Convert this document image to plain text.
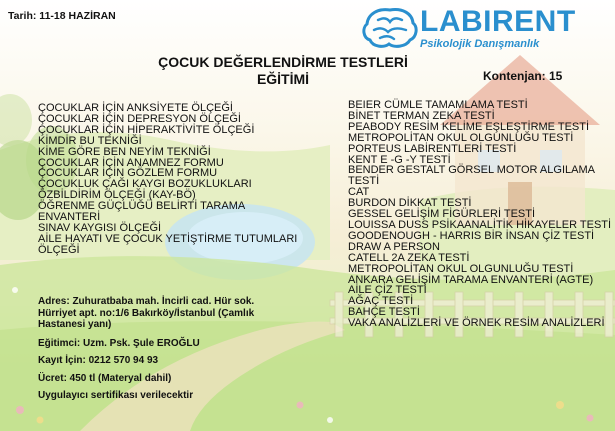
Tarih: 11-18 HAZİRAN	LABIRENT
Psikolojik Danışmanlık
ÇOCUK DEĞERLENDİRME TESTLERİ
EĞİTİMİ	Kontenjan: 15
ÇOCUKLAR İÇİN ANKSİYETE ÖLÇEĞİ
ÇOCUKLAR İÇİN DEPRESYON ÖLÇEĞİ
ÇOCUKLAR İÇİN HİPERAKTİVİTE ÖLÇEĞİ
KİMDİR BU TEKNİĞİ
KİME GÖRE BEN NEYİM TEKNİĞİ
ÇOCUKLAR İÇİN ANAMNEZ FORMU
ÇOCUKLAR İÇİN GÖZLEM FORMU
ÇOCUKLUK ÇAĞI KAYGI BOZUKLUKLARI
ÖZBİLDİRİM ÖLÇEĞİ (KAY-BÖ)
ÖĞRENME GÜÇLÜĞÜ BELİRTİ TARAMA ENVANTERİ
SINAV KAYGISI ÖLÇEĞİ
AİLE HAYATI VE ÇOCUK YETİŞTİRME TUTUMLARI ÖLÇEĞİ
BEIER CÜMLE TAMAMLAMA TESTİ
BİNET TERMAN ZEKA TESTİ
PEABODY RESİM KELİME EŞLEŞTİRME TESTİ
METROPOLİTAN OKUL OLGUNLUĞU TESTİ
PORTEUS LABİRENTLERİ TESTİ
KENT E -G -Y TESTİ
BENDER GESTALT GÖRSEL MOTOR ALGILAMA TESTİ
CAT
BURDON DİKKAT TESTİ
GESSEL GELİŞİM FİGÜRLERİ TESTİ
LOUISSA DUSS PSİKAANALİTİK HİKAYELER TESTİ
GOODENOUGH - HARRIS BİR İNSAN ÇİZ TESTİ
DRAW A PERSON
CATELL 2A ZEKA TESTİ
METROPOLİTAN OKUL OLGUNLUĞU TESTİ
ANKARA GELİŞİM TARAMA ENVANTERİ (AGTE)
AİLE ÇİZ TESTİ
AĞAÇ TESTİ
BAHÇE TESTİ
VAKA ANALİZLERİ VE ÖRNEK RESİM ANALİZLERİ
Adres: Zuhuratbaba mah. İncirli cad. Hür sok. Hürriyet apt. no:1/6 Bakırköy/İstanbul (Çamlık Hastanesi yanı)
Eğitimci: Uzm. Psk. Şule EROĞLU
Kayıt İçin: 0212 570 94 93
Ücret: 450 tl (Materyal dahil)
Uygulayıcı sertifikası verilecektir
